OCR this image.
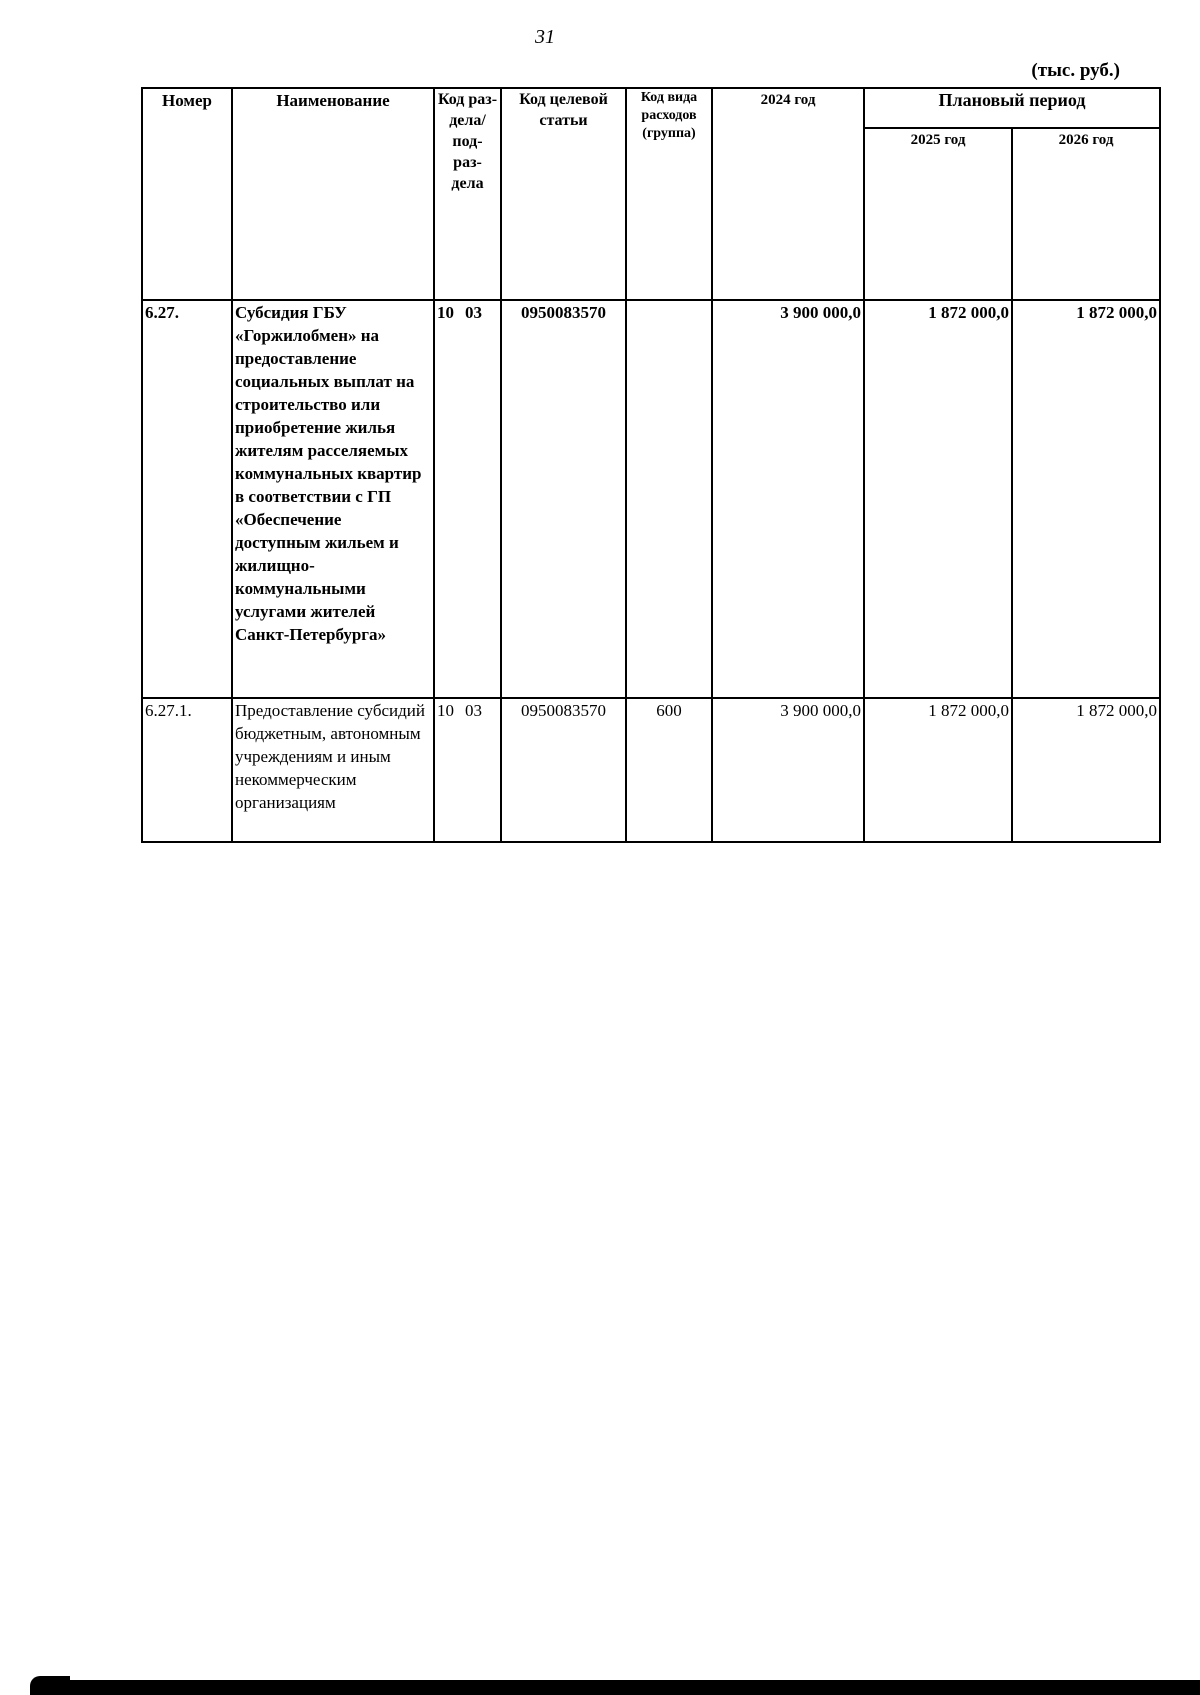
31
(тыс. руб.)
Номер	Наименование	Код раз- дела/ под- раз- дела	Код целевой статьи	Код вида расходов (группа)	2024 год	Плановый период	
						2025 год	2026 год
6.27.	Субсидия ГБУ «Горжилобмен» на предоставление социальных выплат на строительство или приобретение жилья жителям расселяемых коммунальных квартир в соответствии с ГП «Обеспечение доступным жильем и жилищно-коммунальными услугами жителей Санкт-Петербурга»	10 03	0950083570		3 900 000,0	1 872 000,0	1 872 000,0
6.27.1.	Предоставление субсидий бюджетным, автономным учреждениям и иным некоммерческим организациям	10 03	0950083570	600	3 900 000,0	1 872 000,0	1 872 000,0
